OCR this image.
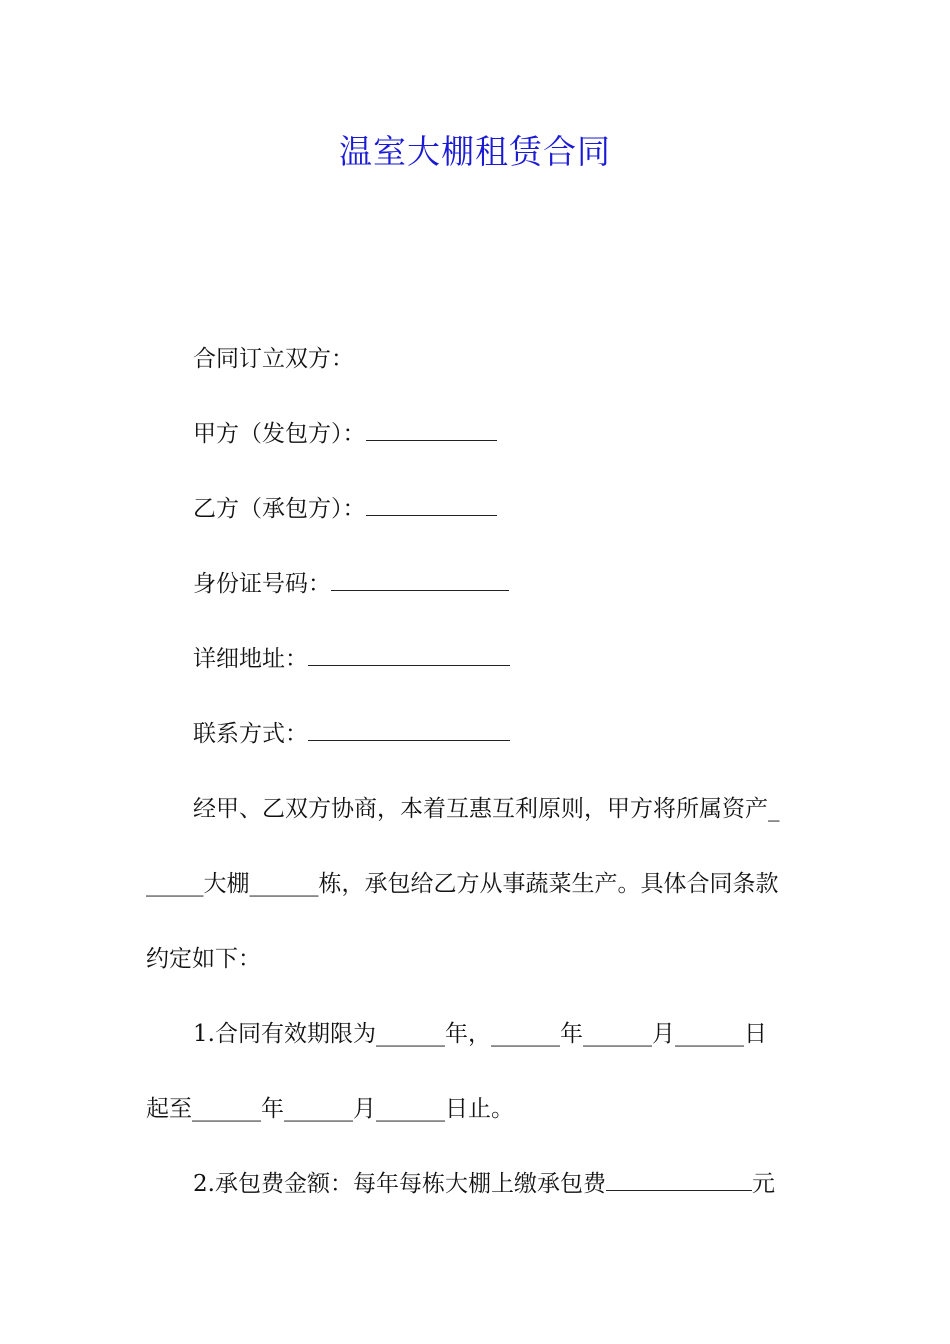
温室大棚租赁合同
合同订立双方：
甲方（发包方）：
乙方（承包方）：
身份证号码：
详细地址：
联系方式：
经甲、乙双方协商，本着互惠互利原则，甲方将所属资产_
_____大棚______栋，承包给乙方从事蔬菜生产。具体合同条款
约定如下：
1.合同有效期限为______年，______年______月______日
起至______年______月______日止。
2.承包费金额：每年每栋大棚上缴承包费	元
